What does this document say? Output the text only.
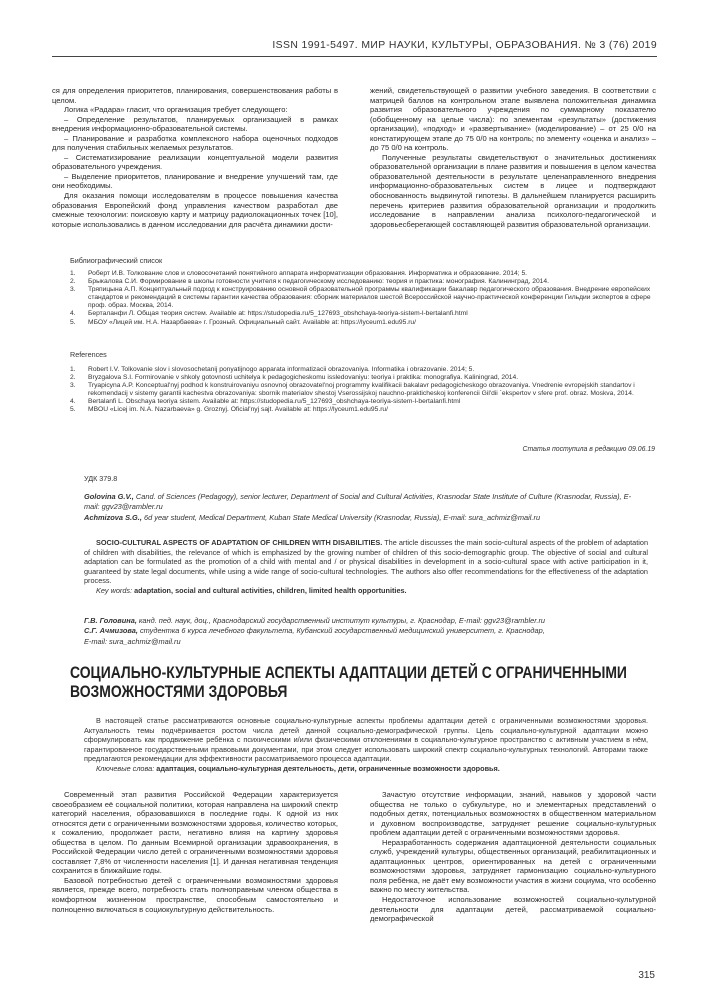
ISSN 1991-5497. МИР НАУКИ, КУЛЬТУРЫ, ОБРАЗОВАНИЯ. № 3 (76) 2019

ся для определения приоритетов, планирования, совершенствования работы в целом.

Логика «Радара» гласит, что организация требует следующего:

– Определение результатов, планируемых организацией в рамках внедрения информационно-образовательной системы.

– Планирование и разработка комплексного набора оценочных подходов для получения стабильных желаемых результатов.

– Систематизирование реализации концептуальной модели развития образовательного учреждения.

– Выделение приоритетов, планирование и внедрение улучшений там, где они необходимы.

Для оказания помощи исследователям в процессе повышения качества образования Европейский фонд управления качеством разработал две смежные технологии: поисковую карту и матрицу радиолокационных точек [10], которые использовались в данном исследовании для расчёта динамики дости-

жений, свидетельствующей о развитии учебного заведения. В соответствии с матрицей баллов на контрольном этапе выявлена положительная динамика развития образовательного учреждения по суммарному показателю (обобщенному на целые числа): по элементам «результаты» (достижения организации), «подход» и «развертывание» (моделирование) – от 25 0/0 на констатирующем этапе до 75 0/0 на контроль; по элементу «оценка и анализ» – до 75 0/0 на контроль.

Полученные результаты свидетельствуют о значительных достижениях образовательной организации в плане развития и повышения в целом качества образовательной деятельности в результате целенаправленного внедрения информационно-образовательных систем в лицее и подтверждают обоснованность выдвинутой гипотезы. В дальнейшем планируется расширить перечень критериев развития образовательной организации и продолжить исследование в направлении анализа психолого-педагогической и здоровьесберегающей составляющей развития образовательной организации.

Библиографический список
1. Роберт И.В. Толкование слов и словосочетаний понятийного аппарата информатизации образования. Информатика и образование. 2014; 5.
2. Брыкалова С.И. Формирование в школы готовности учителя к педагогическому исследованию: теория и практика: монография. Калининград, 2014.
3. Тряпицына А.П. Концептуальный подход к конструированию основной образовательной программы квалификации бакалавр педагогического образования. Внедрение европейских стандартов и рекомендаций в системы гарантии качества образования: сборник материалов шестой Всероссийской научно-практической конференции Гильдии экспертов в сфере проф. образ. Москва, 2014.
4. Берталанфи Л. Общая теория систем. Available at: https://studopedia.ru/5_127693_obshchaya-teoriya-sistem-l-bertalanfi.html
5. МБОУ «Лицей им. Н.А. Назарбаева» г. Грозный. Официальный сайт. Available at: https://lyceum1.edu95.ru/
References
1. Robert I.V. Tolkovanie slov i slovosochetanij ponyatijnogo apparata informatizacii obrazovaniya. Informatika i obrazovanie. 2014; 5.
2. Bryzgalova S.I. Formirovanie v shkoly gotovnosti uchitelya k pedagogicheskomu issledovaniyu: teoriya i praktika: monografiya. Kaliningrad, 2014.
3. Tryapicyna A.P. Konceptual'nyj podhod k konstruirovaniyu osnovnoj obrazovatel'noj programmy kvalifikacii bakalavr pedagogicheskogo obrazovaniya. Vnedrenie evropejskih standartov i rekomendacij v sistemy garantii kachestva obrazovaniya: sbornik materialov shestoj Vserossijskoj nauchno-prakticheskoj konferencii Gil'dii `ekspertov v sfere prof. obraz. Moskva, 2014.
4. Bertalanfi L. Obschaya teoriya sistem. Available at: https://studopedia.ru/5_127693_obshchaya-teoriya-sistem-l-bertalanfi.html
5. MBOU «Licej im. N.A. Nazarbaeva» g. Groznyj. Oficial'nyj sajt. Available at: https://lyceum1.edu95.ru/
Статья поступила в редакцию 09.06.19
УДК 379.8
Golovina G.V., Cand. of Sciences (Pedagogy), senior lecturer, Department of Social and Cultural Activities, Krasnodar State Institute of Culture (Krasnodar, Russia), E-mail: ggv23@rambler.ru
Achmizova S.G., 6d year student, Medical Department, Kuban State Medical University (Krasnodar, Russia), E-mail: sura_achmiz@mail.ru

SOCIO-CULTURAL ASPECTS OF ADAPTATION OF CHILDREN WITH DISABILITIES. The article discusses the main socio-cultural aspects of the problem of adaptation of children with disabilities, the relevance of which is emphasized by the growing number of children of this socio-demographic group. The objective of social and cultural adaptation can be formulated as the promotion of a child with mental and / or physical disabilities in development in a socio-cultural space with active participation in it, guaranteed by state legal documents, while using a wide range of socio-cultural technologies. The authors also offer recommendations for the effectiveness of the adaptation process.

Key words: adaptation, social and cultural activities, children, limited health opportunities.

Г.В. Головина, канд. пед. наук, доц., Краснодарский государственный институт культуры, г. Краснодар, E-mail: ggv23@rambler.ru
С.Г. Ачмизова, студентка 6 курса лечебного факультета, Кубанский государственный медицинский университет, г. Краснодар,
E-mail: sura_achmiz@mail.ru
СОЦИАЛЬНО-КУЛЬТУРНЫЕ АСПЕКТЫ АДАПТАЦИИ ДЕТЕЙ С ОГРАНИЧЕННЫМИ
ВОЗМОЖНОСТЯМИ ЗДОРОВЬЯ

В настоящей статье рассматриваются основные социально-культурные аспекты проблемы адаптации детей с ограниченными возможностями здоровья. Актуальность темы подчёркивается ростом числа детей данной социально-демографической группы. Цель социально-культурной адаптации можно сформулировать как продвижение ребёнка с психическими и/или физическими отклонениями в социально-культурное пространство с активным участием в нём, гарантированное государственными правовыми документами, при этом следует использовать широкий спектр социально-культурных технологий. Авторами также предлагаются рекомендации для эффективности рассматриваемого процесса адаптации.

Ключевые слова: адаптация, социально-культурная деятельность, дети, ограниченные возможности здоровья.

Современный этап развития Российской Федерации характеризуется своеобразием её социальной политики, которая направлена на широкий спектр категорий населения, образовавшихся в последние годы. К одной из них относятся дети с ограниченными возможностями здоровья, количество которых, к сожалению, продолжает расти, негативно влияя на картину здоровья общества в целом. По данным Всемирной организации здравоохранения, в Российской Федерации число детей с ограниченными возможностями здоровья составляет 7,8% от численности населения [1]. И данная негативная тенденция сохранится в ближайшие годы.

Базовой потребностью детей с ограниченными возможностями здоровья является, прежде всего, потребность стать полноправным членом общества в комфортном жизненном пространстве, способным самостоятельно и полноценно включаться в социокультурную действительность.

Зачастую отсутствие информации, знаний, навыков у здоровой части общества не только о субкультуре, но и элементарных представлений о подобных детях, потенциальных возможностях в общественном материальном и духовном воспроизводстве, затрудняет решение социально-культурных проблем адаптации детей с ограниченными возможностями здоровья.

Неразработанность содержания адаптационной деятельности социальных служб, учреждений культуры, общественных организаций, реабилитационных и адаптационных центров, ориентированных на детей с ограниченными возможностями здоровья, затрудняет гармонизацию социально-культурного поля ребёнка, не даёт ему возможности участия в жизни социума, что особенно важно по месту жительства.

Недостаточное использование возможностей социально-культурной деятельности для адаптации детей, рассматриваемой социально-демографической

315
